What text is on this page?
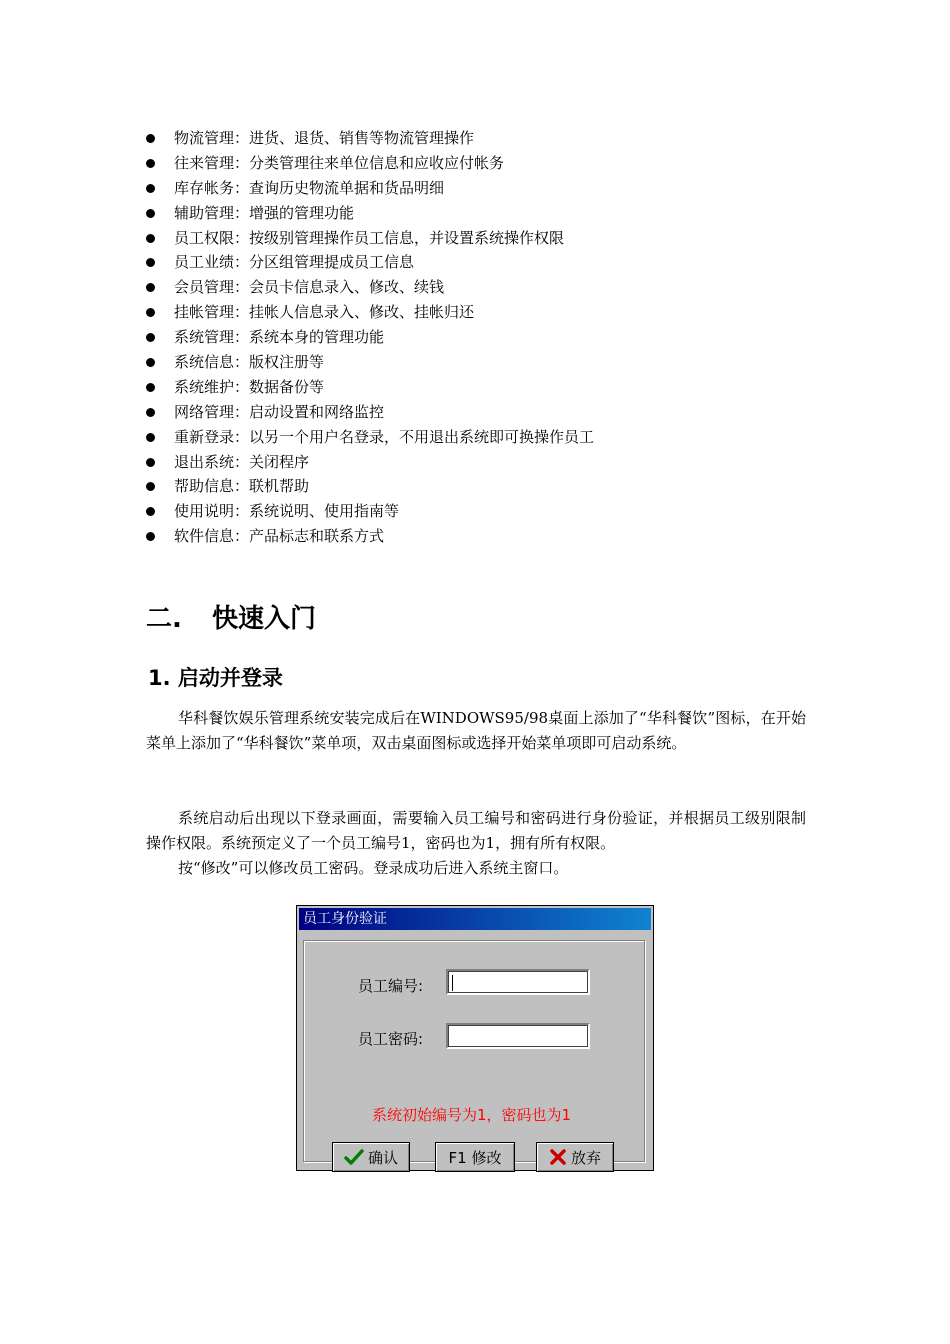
物流管理：进货、退货、销售等物流管理操作
往来管理：分类管理往来单位信息和应收应付帐务
库存帐务：查询历史物流单据和货品明细
辅助管理：增强的管理功能
员工权限：按级别管理操作员工信息，并设置系统操作权限
员工业绩：分区组管理提成员工信息
会员管理：会员卡信息录入、修改、续钱
挂帐管理：挂帐人信息录入、修改、挂帐归还
系统管理：系统本身的管理功能
系统信息：版权注册等
系统维护：数据备份等
网络管理：启动设置和网络监控
重新登录：以另一个用户名登录，不用退出系统即可换操作员工
退出系统：关闭程序
帮助信息：联机帮助
使用说明：系统说明、使用指南等
软件信息：产品标志和联系方式
二. 快速入门
1. 启动并登录

华科餐饮娱乐管理系统安装完成后在WINDOWS95/98桌面上添加了“华科餐饮”图标，在开始菜单上添加了“华科餐饮”菜单项，双击桌面图标或选择开始菜单项即可启动系统。

系统启动后出现以下登录画面，需要输入员工编号和密码进行身份验证，并根据员工级别限制操作权限。系统预定义了一个员工编号1，密码也为1，拥有所有权限。

按“修改”可以修改员工密码。登录成功后进入系统主窗口。

员工身份验证
员工编号:
员工密码:
系统初始编号为1，密码也为1
确认	F1 修改	放弃
